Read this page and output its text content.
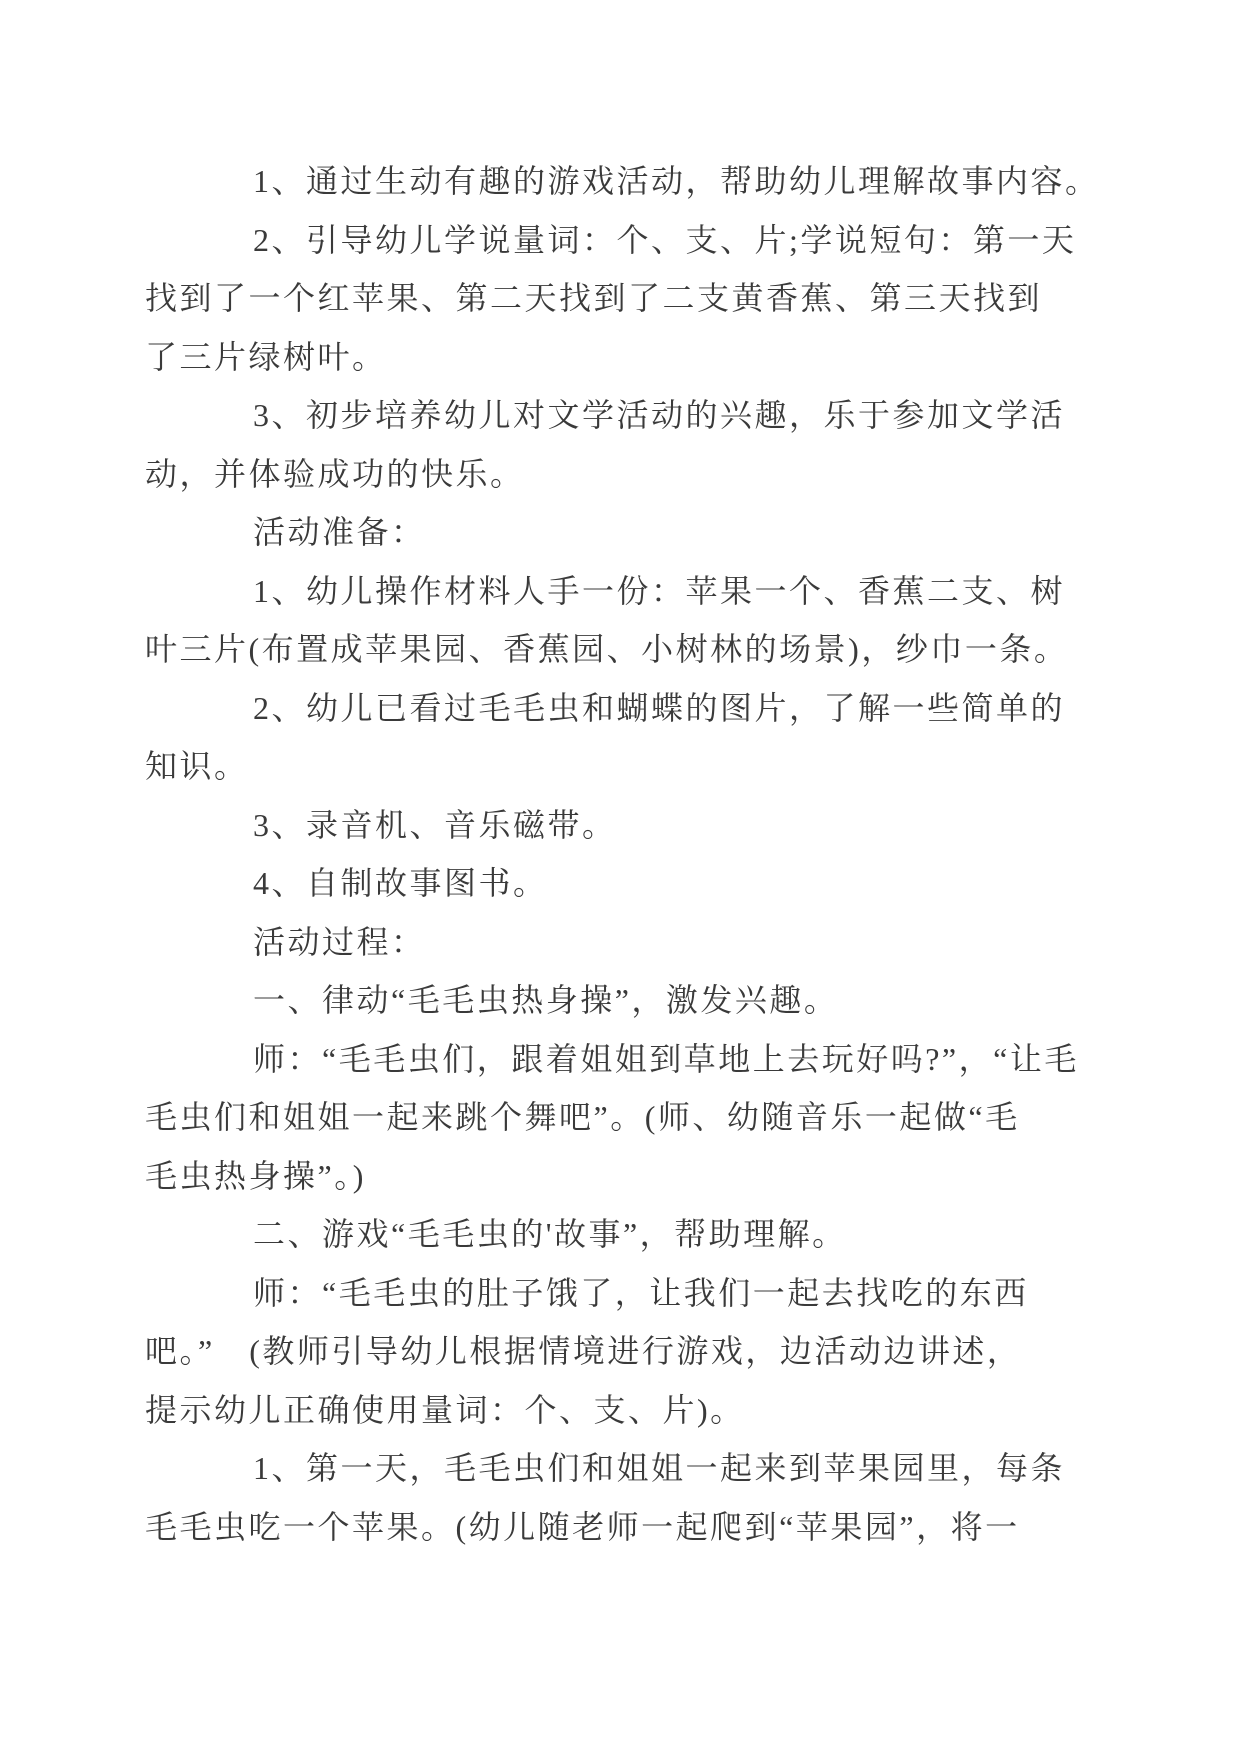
1、通过生动有趣的游戏活动，帮助幼儿理解故事内容。
2、引导幼儿学说量词：个、支、片;学说短句：第一天
找到了一个红苹果、第二天找到了二支黄香蕉、第三天找到
了三片绿树叶。
3、初步培养幼儿对文学活动的兴趣，乐于参加文学活
动，并体验成功的快乐。
活动准备：
1、幼儿操作材料人手一份：苹果一个、香蕉二支、树
叶三片(布置成苹果园、香蕉园、小树林的场景)，纱巾一条。
2、幼儿已看过毛毛虫和蝴蝶的图片，了解一些简单的
知识。
3、录音机、音乐磁带。
4、自制故事图书。
活动过程：
一、律动“毛毛虫热身操”，激发兴趣。
师：“毛毛虫们，跟着姐姐到草地上去玩好吗?”，“让毛
毛虫们和姐姐一起来跳个舞吧”。(师、幼随音乐一起做“毛
毛虫热身操”。)
二、游戏“毛毛虫的'故事”，帮助理解。
师：“毛毛虫的肚子饿了，让我们一起去找吃的东西
吧。”　(教师引导幼儿根据情境进行游戏，边活动边讲述，
提示幼儿正确使用量词：个、支、片)。
1、第一天，毛毛虫们和姐姐一起来到苹果园里，每条
毛毛虫吃一个苹果。(幼儿随老师一起爬到“苹果园”，将一
